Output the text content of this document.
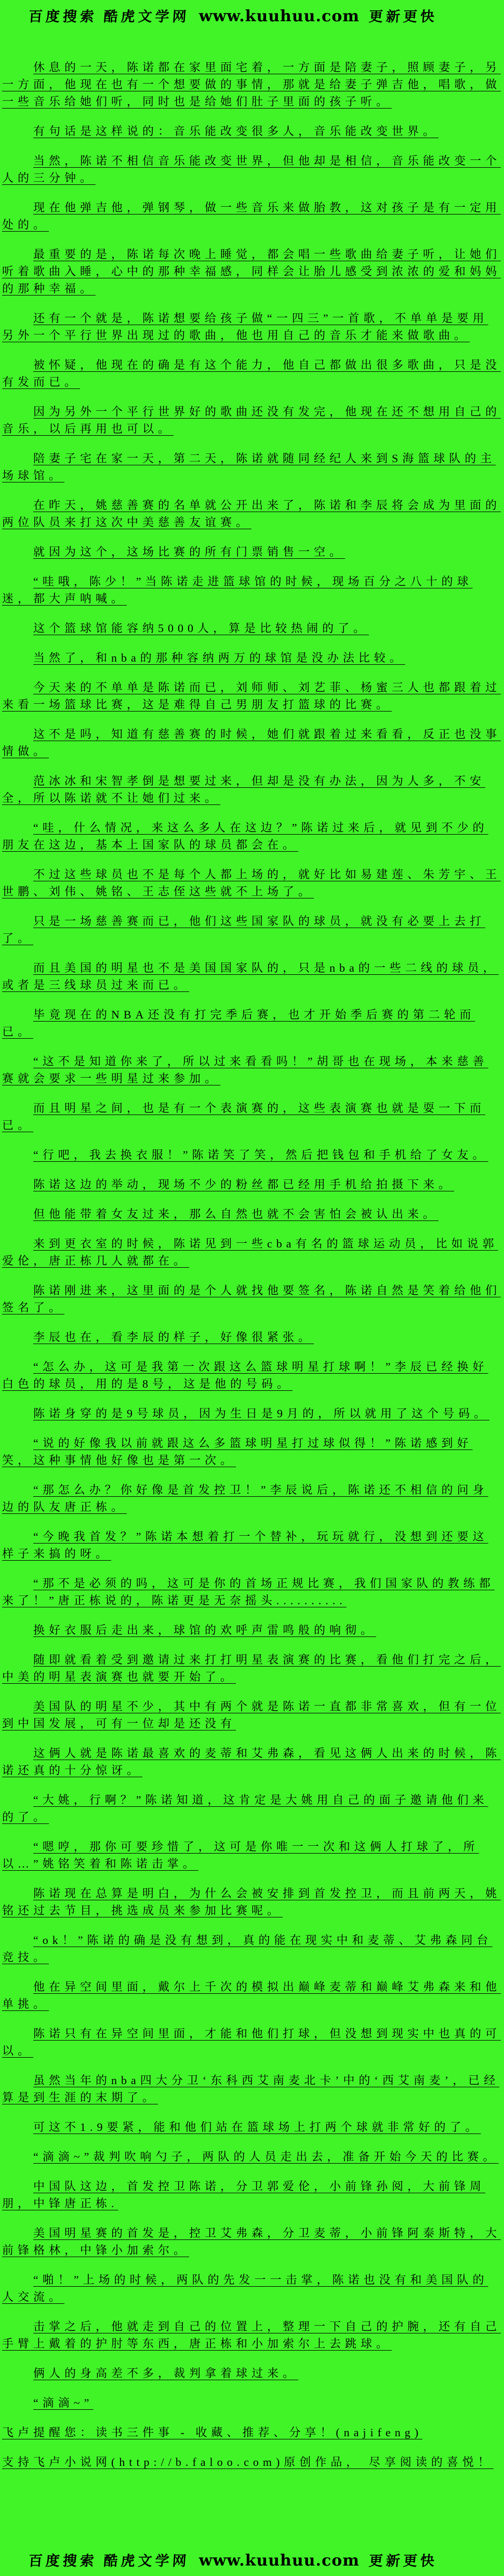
百度搜索 酷虎文学网 www.kuuhuu.com 更新更快

休息的一天，陈诺都在家里面宅着，一方面是陪妻子，照顾妻子，另一方面，他现在也有一个想要做的事情，那就是给妻子弹吉他，唱歌，做一些音乐给她们听，同时也是给她们肚子里面的孩子听。

有句话是这样说的：音乐能改变很多人，音乐能改变世界。

当然，陈诺不相信音乐能改变世界，但他却是相信，音乐能改变一个人的三分钟。

现在他弹吉他，弹钢琴，做一些音乐来做胎教，这对孩子是有一定用处的。

最重要的是，陈诺每次晚上睡觉，都会唱一些歌曲给妻子听，让她们听着歌曲入睡，心中的那种幸福感，同样会让胎儿感受到浓浓的爱和妈妈的那种幸福。

还有一个就是，陈诺想要给孩子做“一四三”一首歌，不单单是要用另外一个平行世界出现过的歌曲，他也用自己的音乐才能来做歌曲。

被怀疑，他现在的确是有这个能力，他自己都做出很多歌曲，只是没有发而已。

因为另外一个平行世界好的歌曲还没有发完，他现在还不想用自己的音乐，以后再用也可以。

陪妻子宅在家一天，第二天，陈诺就随同经纪人来到S海篮球队的主场球馆。

在昨天，姚慈善赛的名单就公开出来了，陈诺和李辰将会成为里面的两位队员来打这次中美慈善友谊赛。

就因为这个，这场比赛的所有门票销售一空。

“哇哦，陈少！”当陈诺走进篮球馆的时候，现场百分之八十的球迷，都大声呐喊。

这个篮球馆能容纳5000人，算是比较热闹的了。

当然了，和nba的那种容纳两万的球馆是没办法比较。

今天来的不单单是陈诺而已，刘师师、刘艺菲、杨蜜三人也都跟着过来看一场篮球比赛，这是难得自己男朋友打篮球的比赛。

这不是吗，知道有慈善赛的时候，她们就跟着过来看看，反正也没事情做。

范冰冰和宋智孝倒是想要过来，但却是没有办法，因为人多，不安全，所以陈诺就不让她们过来。

“哇，什么情况，来这么多人在这边？”陈诺过来后，就见到不少的朋友在这边，基本上国家队的球员都会在。

不过这些球员也不是每个人都上场的，就好比如易建莲、朱芳宇、王世鹏、刘伟、姚铭、王志侄这些就不上场了。

只是一场慈善赛而已，他们这些国家队的球员，就没有必要上去打了。

而且美国的明星也不是美国国家队的，只是nba的一些二线的球员，或者是三线球员过来而已。

毕竟现在的NBA还没有打完季后赛，也才开始季后赛的第二轮而已。

“这不是知道你来了，所以过来看看吗！”胡哥也在现场，本来慈善赛就会要求一些明星过来参加。

而且明星之间，也是有一个表演赛的，这些表演赛也就是耍一下而已。

“行吧，我去换衣服！”陈诺笑了笑，然后把钱包和手机给了女友。

陈诺这边的举动，现场不少的粉丝都已经用手机给拍摄下来。

但他能带着女友过来，那么自然也就不会害怕会被认出来。

来到更衣室的时候，陈诺见到一些cba有名的篮球运动员，比如说郭爱伦，唐正栋几人就都在。

陈诺刚进来，这里面的是个人就找他要签名，陈诺自然是笑着给他们签名了。

李辰也在，看李辰的样子，好像很紧张。

“怎么办，这可是我第一次跟这么篮球明星打球啊！”李辰已经换好白色的球员，用的是8号，这是他的号码。

陈诺身穿的是9号球员，因为生日是9月的，所以就用了这个号码。

“说的好像我以前就跟这么多篮球明星打过球似得！”陈诺感到好笑，这种事情他好像也是第一次。

“那怎么办？你好像是首发控卫！”李辰说后，陈诺还不相信的问身边的队友唐正栋。

“今晚我首发？”陈诺本想着打一个替补，玩玩就行，没想到还要这样子来搞的呀。

“那不是必须的吗，这可是你的首场正规比赛，我们国家队的教练都来了！”唐正栋说的，陈诺更是无奈摇头..........

换好衣服后走出来，球馆的欢呼声雷鸣般的响彻。

随即就看着受到邀请过来打打明星表演赛的比赛，看他们打完之后，中美的明星表演赛也就要开始了。

美国队的明星不少，其中有两个就是陈诺一直都非常喜欢，但有一位到中国发展，可有一位却是还没有

这俩人就是陈诺最喜欢的麦蒂和艾弗森，看见这俩人出来的时候，陈诺还真的十分惊讶。

“大姚，行啊？”陈诺知道，这肯定是大姚用自己的面子邀请他们来的了。

“嗯哼，那你可要珍惜了，这可是你唯一一次和这俩人打球了，所以…”姚铭笑着和陈诺击掌。

陈诺现在总算是明白，为什么会被安排到首发控卫，而且前两天，姚铭还过去节目，挑选成员来参加比赛呢。

“ok！”陈诺的确是没有想到，真的能在现实中和麦蒂、艾弗森同台竞技。

他在异空间里面，戴尔上千次的模拟出巅峰麦蒂和巅峰艾弗森来和他单挑。

陈诺只有在异空间里面，才能和他们打球，但没想到现实中也真的可以。

虽然当年的nba四大分卫‘东科西艾南麦北卡’中的‘西艾南麦’，已经算是到生涯的末期了。

可这不1.9要紧，能和他们站在篮球场上打两个球就非常好的了。

“滴滴~”裁判吹响勺子，两队的人员走出去，准备开始今天的比赛。

中国队这边，首发控卫陈诺，分卫郭爱伦，小前锋孙阅，大前锋周朋，中锋唐正栋.

美国明星赛的首发是，控卫艾弗森，分卫麦蒂，小前锋阿泰斯特，大前锋格林，中锋小加索尔。

“啪！”上场的时候，两队的先发一一击掌，陈诺也没有和美国队的人交流。

击掌之后，他就走到自己的位置上，整理一下自己的护腕，还有自己手臂上戴着的护肘等东西，唐正栋和小加索尔上去跳球。

俩人的身高差不多，裁判拿着球过来。

“滴滴~”

飞卢提醒您：读书三件事 - 收藏、推荐、分享！(najifeng)

支持飞卢小说网(http://b.faloo.com)原创作品， 尽享阅读的喜悦！

百度搜索 酷虎文学网 www.kuuhuu.com 更新更快
